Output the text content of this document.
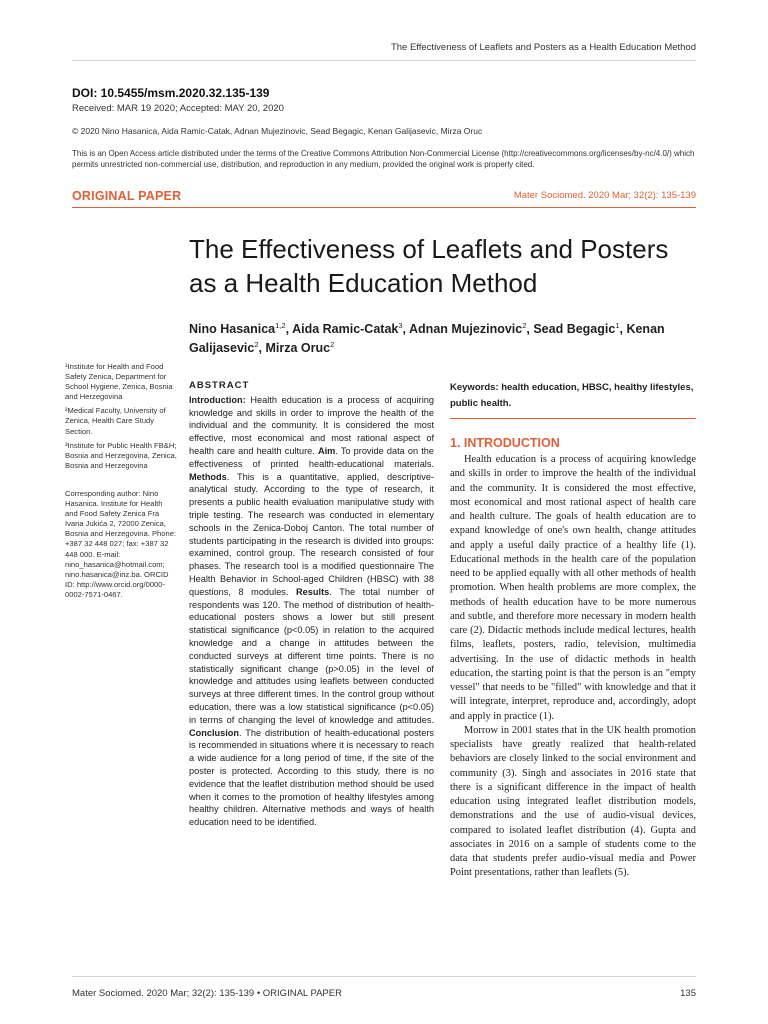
The Effectiveness of Leaflets and Posters as a Health Education Method
DOI: 10.5455/msm.2020.32.135-139
Received: MAR 19 2020; Accepted: MAY 20, 2020
© 2020 Nino Hasanica, Aida Ramic-Catak, Adnan Mujezinovic, Sead Begagic, Kenan Galijasevic, Mirza Oruc
This is an Open Access article distributed under the terms of the Creative Commons Attribution Non-Commercial License (http://creativecommons.org/licenses/by-nc/4.0/) which permits unrestricted non-commercial use, distribution, and reproduction in any medium, provided the original work is properly cited.
ORIGINAL PAPER	Mater Sociomed. 2020 Mar; 32(2): 135-139
The Effectiveness of Leaflets and Posters as a Health Education Method
Nino Hasanica$^{1,2}$, Aida Ramic-Catak$^3$, Adnan Mujezinovic$^2$, Sead Begagic$^1$, Kenan Galijasevic$^2$, Mirza Oruc$^2$
¹Institute for Health and Food Safety Zenica, Department for School Hygiene, Zenica, Bosnia and Herzegovina
²Medical Faculty, University of Zenica, Health Care Study Section.
³Institute for Public Health FB&H; Bosnia and Herzegovina, Zenica, Bosnia and Herzegovina
Corresponding author: Nino Hasanica. Institute for Health and Food Safety Zenica Fra Ivana Jukića 2, 72000 Zenica, Bosnia and Herzegovina. Phone: +387 32 448 027; fax: +387 32 448 000. E-mail: nino_hasanica@hotmail.com; nino.hasanica@inz.ba. ORCID ID: http://www.orcid.org/0000-0002-7571-0467.
ABSTRACT
Introduction: Health education is a process of acquiring knowledge and skills in order to improve the health of the individual and the community. It is considered the most effective, most economical and most rational aspect of health care and health culture. Aim. To provide data on the effectiveness of printed health-educational materials. Methods. This is a quantitative, applied, descriptive-analytical study. According to the type of research, it presents a public health evaluation manipulative study with triple testing. The research was conducted in elementary schools in the Zenica-Doboj Canton. The total number of students participating in the research is divided into groups: examined, control group. The research consisted of four phases. The research tool is a modified questionnaire The Health Behavior in School-aged Children (HBSC) with 38 questions, 8 modules. Results. The total number of respondents was 120. The method of distribution of health-educational posters shows a lower but still present statistical significance (p<0.05) in relation to the acquired knowledge and a change in attitudes between the conducted surveys at different time points. There is no statistically significant change (p>0.05) in the level of knowledge and attitudes using leaflets between conducted surveys at three different times. In the control group without education, there was a low statistical significance (p<0.05) in terms of changing the level of knowledge and attitudes. Conclusion. The distribution of health-educational posters is recommended in situations where it is necessary to reach a wide audience for a long period of time, if the site of the poster is protected. According to this study, there is no evidence that the leaflet distribution method should be used when it comes to the promotion of healthy lifestyles among healthy children. Alternative methods and ways of health education need to be identified.
Keywords: health education, HBSC, healthy lifestyles, public health.
1. INTRODUCTION

Health education is a process of acquiring knowledge and skills in order to improve the health of the individual and the community. It is considered the most effective, most economical and most rational aspect of health care and health culture. The goals of health education are to expand knowledge of one's own health, change attitudes and apply a useful daily practice of a healthy life (1). Educational methods in the health care of the population need to be applied equally with all other methods of health promotion. When health problems are more complex, the methods of health education have to be more numerous and subtle, and therefore more necessary in modern health care (2). Didactic methods include medical lectures, health films, leaflets, posters, radio, television, multimedia advertising. In the use of didactic methods in health education, the starting point is that the person is an "empty vessel" that needs to be "filled" with knowledge and that it will integrate, interpret, reproduce and, accordingly, adopt and apply in practice (1).

Morrow in 2001 states that in the UK health promotion specialists have greatly realized that health-related behaviors are closely linked to the social environment and community (3). Singh and associates in 2016 state that there is a significant difference in the impact of health education using integrated leaflet distribution models, demonstrations and the use of audio-visual devices, compared to isolated leaflet distribution (4). Gupta and associates in 2016 on a sample of students come to the data that students prefer audio-visual media and Power Point presentations, rather than leaflets (5).

Mater Sociomed. 2020 Mar; 32(2): 135-139 • ORIGINAL PAPER	135
